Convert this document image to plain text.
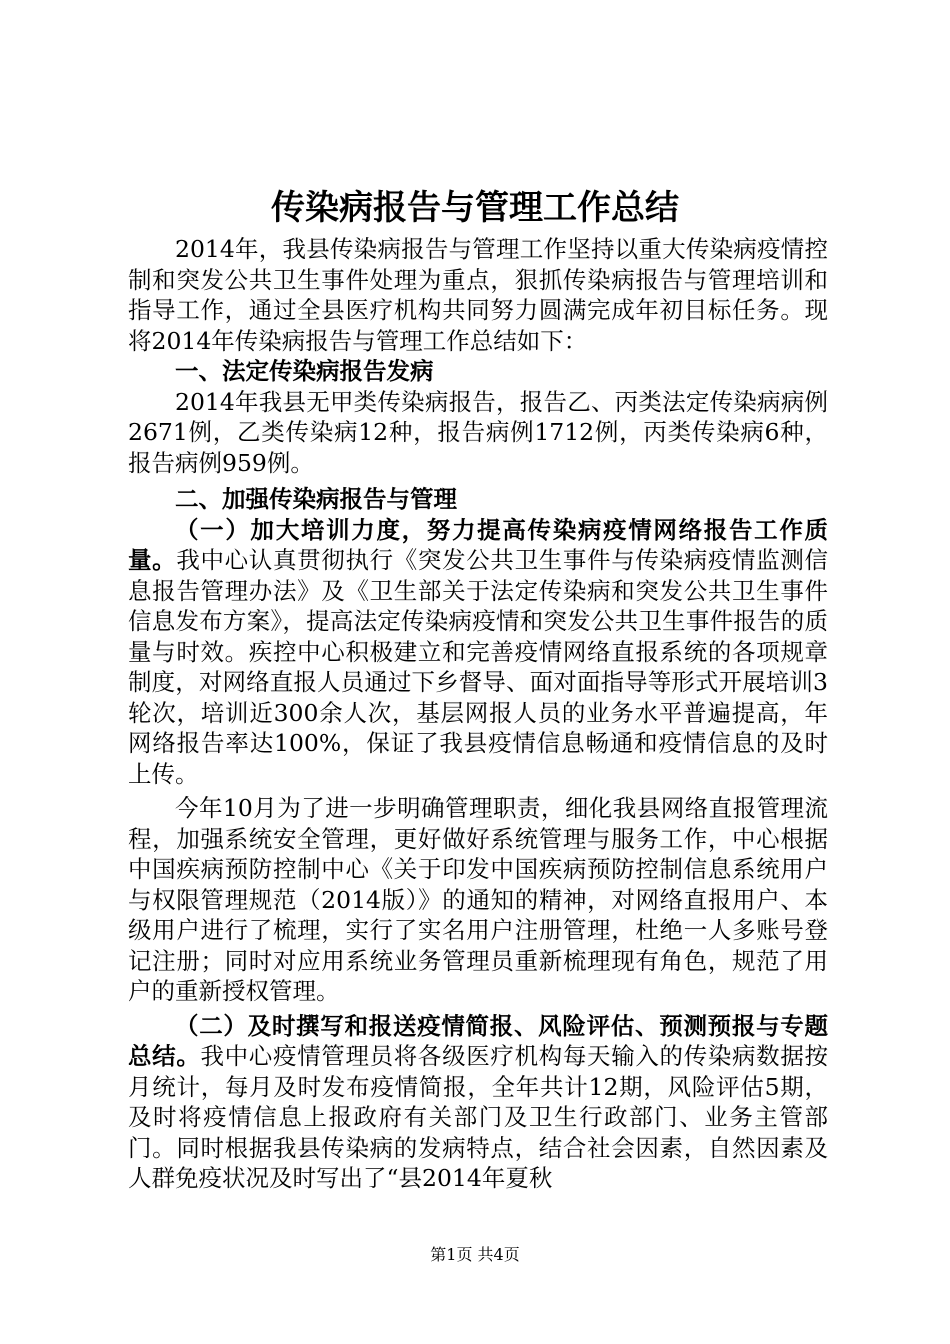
传染病报告与管理工作总结

2014年，我县传染病报告与管理工作坚持以重大传染病疫情控制和突发公共卫生事件处理为重点，狠抓传染病报告与管理培训和指导工作，通过全县医疗机构共同努力圆满完成年初目标任务。现将2014年传染病报告与管理工作总结如下：

一、法定传染病报告发病

2014年我县无甲类传染病报告，报告乙、丙类法定传染病病例2671例，乙类传染病12种，报告病例1712例，丙类传染病6种，报告病例959例。

二、加强传染病报告与管理

（一）加大培训力度，努力提高传染病疫情网络报告工作质量。我中心认真贯彻执行《突发公共卫生事件与传染病疫情监测信息报告管理办法》及《卫生部关于法定传染病和突发公共卫生事件信息发布方案》，提高法定传染病疫情和突发公共卫生事件报告的质量与时效。疾控中心积极建立和完善疫情网络直报系统的各项规章制度，对网络直报人员通过下乡督导、面对面指导等形式开展培训3轮次，培训近300余人次，基层网报人员的业务水平普遍提高，年网络报告率达100%，保证了我县疫情信息畅通和疫情信息的及时上传。

今年10月为了进一步明确管理职责，细化我县网络直报管理流程，加强系统安全管理，更好做好系统管理与服务工作，中心根据中国疾病预防控制中心《关于印发中国疾病预防控制信息系统用户与权限管理规范（2014版）》的通知的精神，对网络直报用户、本级用户进行了梳理，实行了实名用户注册管理，杜绝一人多账号登记注册；同时对应用系统业务管理员重新梳理现有角色，规范了用户的重新授权管理。

（二）及时撰写和报送疫情简报、风险评估、预测预报与专题总结。我中心疫情管理员将各级医疗机构每天输入的传染病数据按月统计，每月及时发布疫情简报，全年共计12期，风险评估5期，及时将疫情信息上报政府有关部门及卫生行政部门、业务主管部门。同时根据我县传染病的发病特点，结合社会因素，自然因素及人群免疫状况及时写出了“县2014年夏秋

第1页 共4页
